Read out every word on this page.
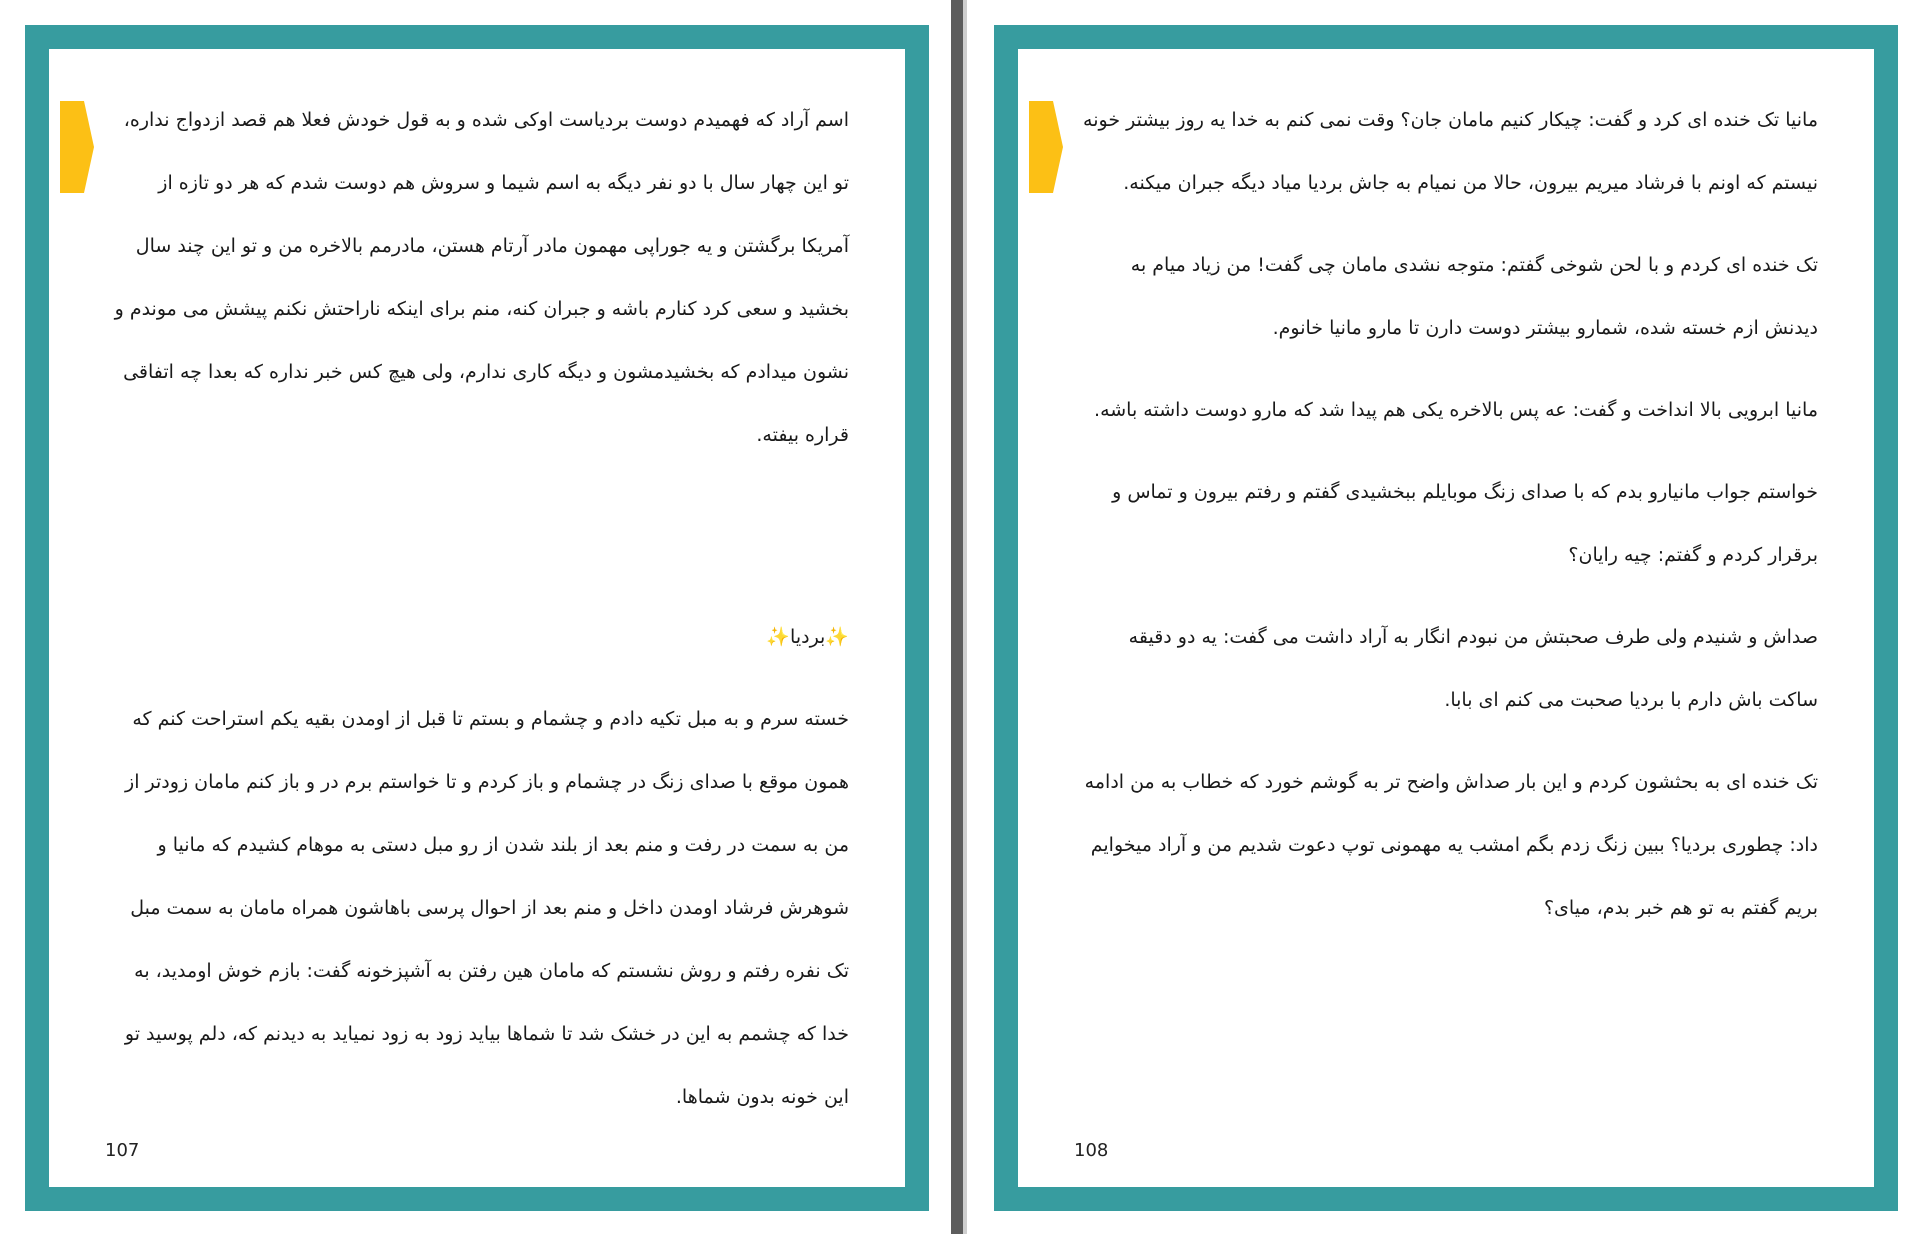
اسم آراد که فهمیدم دوست بردیاست اوکی شده و به قول خودش فعلا هم قصد ازدواج نداره، تو این چهار سال با دو نفر دیگه به اسم شیما و سروش هم دوست شدم که هر دو تازه از آمریکا برگشتن و یه جوراپی مهمون مادر آرتام هستن، مادرمم بالاخره من و تو این چند سال بخشید و سعی کرد کنارم باشه و جبران کنه، منم برای اینکه ناراحتش نکنم پیشش می موندم و نشون میدادم که بخشیدمشون و دیگه کاری ندارم، ولی هیچ کس خبر نداره که بعدا چه اتفاقی قراره بیفته.

✨بردیا✨

خسته سرم و به مبل تکیه دادم و چشمام و بستم تا قبل از اومدن بقیه یکم استراحت کنم که همون موقع با صدای زنگ در چشمام و باز کردم و تا خواستم برم در و باز کنم مامان زودتر از من به سمت در رفت و منم بعد از بلند شدن از رو مبل دستی به موهام کشیدم که مانیا و شوهرش فرشاد اومدن داخل و منم بعد از احوال پرسی باهاشون همراه مامان به سمت مبل تک نفره رفتم و روش نشستم که مامان هین رفتن به آشپزخونه گفت: بازم خوش اومدید، به خدا که چشمم به این در خشک شد تا شماها بیاید زود به زود نمیاید به دیدنم که، دلم پوسید تو این خونه بدون شماها.

107

مانیا تک خنده ای کرد و گفت: چیکار کنیم مامان جان؟ وقت نمی کنم به خدا یه روز بیشتر خونه نیستم که اونم با فرشاد میریم بیرون، حالا من نمیام به جاش بردیا میاد دیگه جبران میکنه.

تک خنده ای کردم و با لحن شوخی گفتم: متوجه نشدی مامان چی گفت! من زیاد میام به دیدنش ازم خسته شده، شمارو بیشتر دوست دارن تا مارو مانیا خانوم.

مانیا ابرویی بالا انداخت و گفت: عه پس بالاخره یکی هم پیدا شد که مارو دوست داشته باشه.

خواستم جواب مانیارو بدم که با صدای زنگ موبایلم ببخشیدی گفتم و رفتم بیرون و تماس و برقرار کردم و گفتم: چیه رایان؟

صداش و شنیدم ولی طرف صحبتش من نبودم انگار به آراد داشت می گفت: یه دو دقیقه ساکت باش دارم با بردیا صحبت می کنم ای بابا.

تک خنده ای به بحثشون کردم و این بار صداش واضح تر به گوشم خورد که خطاب به من ادامه داد: چطوری بردیا؟ ببین زنگ زدم بگم امشب یه مهمونی توپ دعوت شدیم من و آراد میخوایم بریم گفتم به تو هم خبر بدم، میای؟

108
